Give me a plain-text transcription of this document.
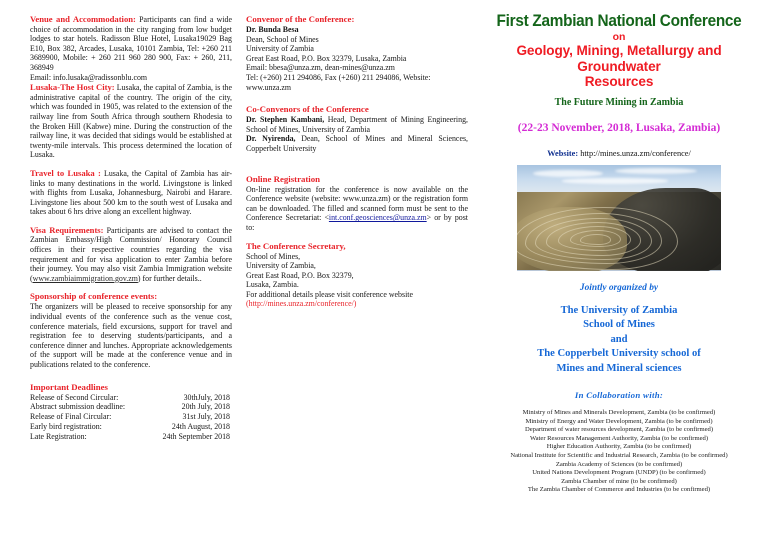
Venue and Accommodation: Participants can find a wide choice of accommodation in the city ranging from low budget lodges to star hotels. Radisson Blue Hotel, Lusaka19029 Bag E10, Box 382, Arcades, Lusaka, 10101 Zambia, Tel: +260 211 3689900, Mobile: + 260 211 960 280 900, Fax: + 260, 211, 368949

Email: info.lusaka@radissonblu.com

Lusaka-The Host City: Lusaka, the capital of Zambia, is the administrative capital of the country. The origin of the city, which was founded in 1905, was related to the extension of the railway line from South Africa through southern Rhodesia to the Broken Hill (Kabwe) mine. During the construction of the railway line, it was decided that sidings would be established at twenty-mile intervals. This process determined the location of Lusaka.

Travel to Lusaka : Lusaka, the Capital of Zambia has air-links to many destinations in the world. Livingstone is linked with flights from Lusaka, Johannesburg, Nairobi and Harare. Livingstone lies about 500 km to the south west of Lusaka and takes about 6 hrs drive along an excellent highway.

Visa Requirements: Participants are advised to contact the Zambian Embassy/High Commission/ Honorary Council offices in their respective countries regarding the visa requirement and for visa application to enter Zambia before their journey. You may also visit Zambia Immigration website (www.zambiaimmigration.gov.zm) for further details..

Sponsorship of conference events:

The organizers will be pleased to receive sponsorship for any individual events of the conference such as the venue cost, conference materials, field excursions, support for travel and registration fee to deserving students/participants, and a conference dinner and lunches. Appropriate acknowledgements of the support will be made at the conference venue and in publications related to the conference.

Important Deadlines

Release of Second Circular:	30thJuly, 2018
Abstract submission deadline:	20th July, 2018
Release of Final Circular:	31st July, 2018
Early bird registration:	24th August, 2018
Late Registration:	24th September 2018

Convenor of the Conference:

Dr. Bunda Besa

Dean, School of Mines

University of Zambia

Great East Road, P.O. Box 32379, Lusaka, Zambia

Email: bbesa@unza.zm, dean-mines@unza.zm

Tel: (+260) 211 294086, Fax (+260) 211 294086, Website:

www.unza.zm

Co-Convenors of the Conference

Dr. Stephen Kambani, Head, Department of Mining Engineering, School of Mines, University of Zambia

Dr. Nyirenda, Dean, School of Mines and Mineral Sciences, Copperbelt University

Online Registration

On-line registration for the conference is now available on the Conference website (website: www.unza.zm) or the registration form can be downloaded. The filled and scanned form must be sent to the Conference Secretariat: <int.conf.geosciences@unza.zm> or by post to:

The Conference Secretary,

School of Mines,

University of Zambia,

Great East Road, P.O. Box 32379,

Lusaka, Zambia.

For additional details please visit conference website

(http://mines.unza.zm/conference/)

First Zambian National Conference
on
Geology, Mining, Metallurgy and
Groundwater
Resources
The Future Mining in Zambia
(22-23 November, 2018, Lusaka, Zambia)
Website: http://mines.unza.zm/conference/
Jointly organized by
The University of Zambia
School of Mines
and
The Copperbelt University school of
Mines and Mineral sciences
In Collaboration with:
Ministry of Mines and Minerals Development, Zambia (to be confirmed)
Ministry of Energy and Water Development, Zambia (to be confirmed)
Department of water resources development, Zambia (to be confirmed)
Water Resources Management Authority, Zambia (to be confirmed)
Higher Education Authority, Zambia (to be confirmed)
National Institute for Scientific and Industrial Research, Zambia (to be confirmed)
Zambia Academy of Sciences (to be confirmed)
United Nations Development Program (UNDP) (to be confirmed)
Zambia Chamber of mine (to be confirmed)
The Zambia Chamber of Commerce and Industries (to be confirmed)
